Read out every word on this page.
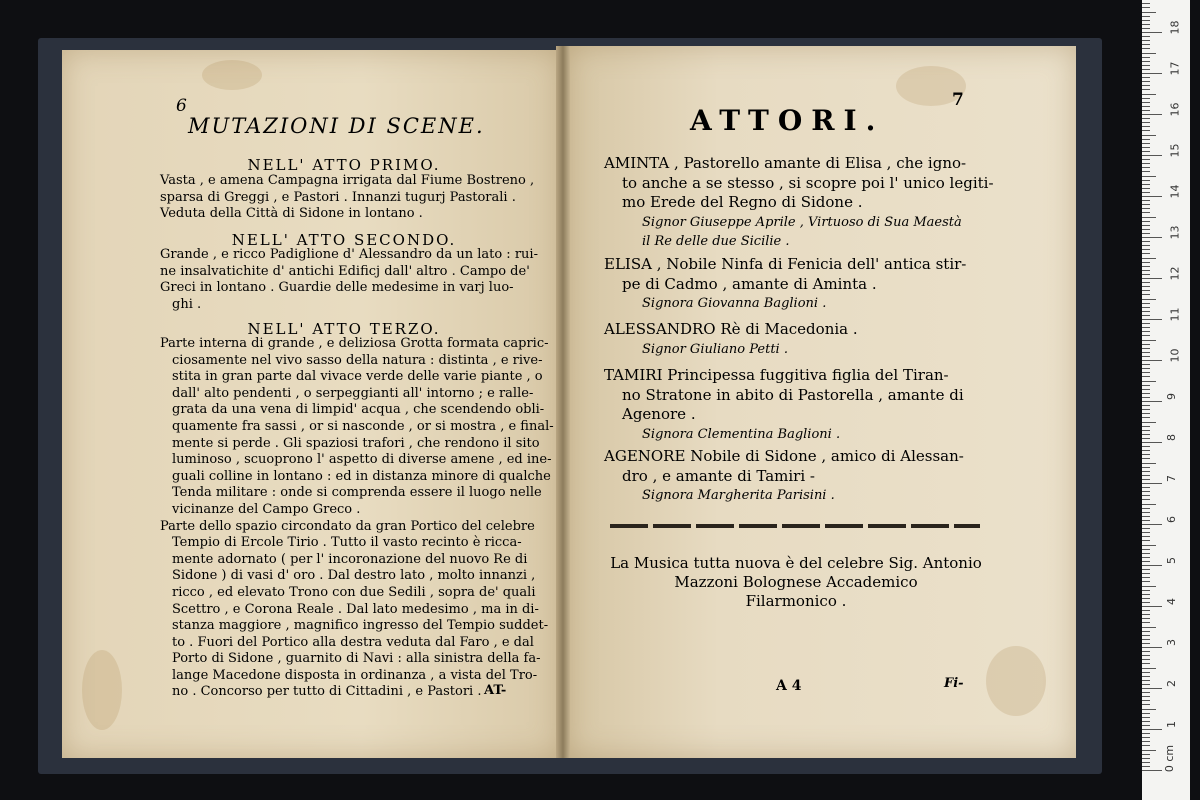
6
MUTAZIONI DI SCENE.
NELL' ATTO PRIMO.
Vasta , e amena Campagna irrigata dal Fiume Bostreno ,
sparsa di Greggi , e Pastori . Innanzi tugurj Pastorali .
Veduta della Città di Sidone in lontano .
NELL' ATTO SECONDO.
Grande , e ricco Padiglione d' Alessandro da un lato : rui-
ne insalvatichite d' antichi Edificj dall' altro . Campo de'
Greci in lontano . Guardie delle medesime in varj luo-
ghi .
NELL' ATTO TERZO.
Parte interna di grande , e deliziosa Grotta formata capric-
ciosamente nel vivo sasso della natura : distinta , e rive-
stita in gran parte dal vivace verde delle varie piante , o
dall' alto pendenti , o serpeggianti all' intorno ; e ralle-
grata da una vena di limpid' acqua , che scendendo obli-
quamente fra sassi , or si nasconde , or si mostra , e final-
mente si perde . Gli spaziosi trafori , che rendono il sito
luminoso , scuoprono l' aspetto di diverse amene , ed ine-
guali colline in lontano : ed in distanza minore di qualche
Tenda militare : onde si comprenda essere il luogo nelle
vicinanze del Campo Greco .
Parte dello spazio circondato da gran Portico del celebre
Tempio di Ercole Tirio . Tutto il vasto recinto è ricca-
mente adornato ( per l' incoronazione del nuovo Re di
Sidone ) di vasi d' oro . Dal destro lato , molto innanzi ,
ricco , ed elevato Trono con due Sedili , sopra de' quali
Scettro , e Corona Reale . Dal lato medesimo , ma in di-
stanza maggiore , magnifico ingresso del Tempio suddet-
to . Fuori del Portico alla destra veduta dal Faro , e dal
Porto di Sidone , guarnito di Navi : alla sinistra della fa-
lange Macedone disposta in ordinanza , a vista del Tro-
no . Concorso per tutto di Cittadini , e Pastori . AT-
7
ATTORI.
AMINTA , Pastorello amante di Elisa , che igno-
to anche a se stesso , si scopre poi l' unico legiti-
mo Erede del Regno di Sidone .
Signor Giuseppe Aprile , Virtuoso di Sua Maestà
il Re delle due Sicilie .
ELISA , Nobile Ninfa di Fenicia dell' antica stir-
pe di Cadmo , amante di Aminta .
Signora Giovanna Baglioni .
ALESSANDRO Rè di Macedonia .
Signor Giuliano Petti .
TAMIRI Principessa fuggitiva figlia del Tiran-
no Stratone in abito di Pastorella , amante di
Agenore .
Signora Clementina Baglioni .
AGENORE Nobile di Sidone , amico di Alessan-
dro , e amante di Tamiri -
Signora Margherita Parisini .
La Musica tutta nuova è del celebre Sig. Antonio
Mazzoni Bolognese Accademico
Filarmonico .
A 4	Fi-
0 cm
1
2
3
4
5
6
7
8
9
10
11
12
13
14
15
16
17
18
